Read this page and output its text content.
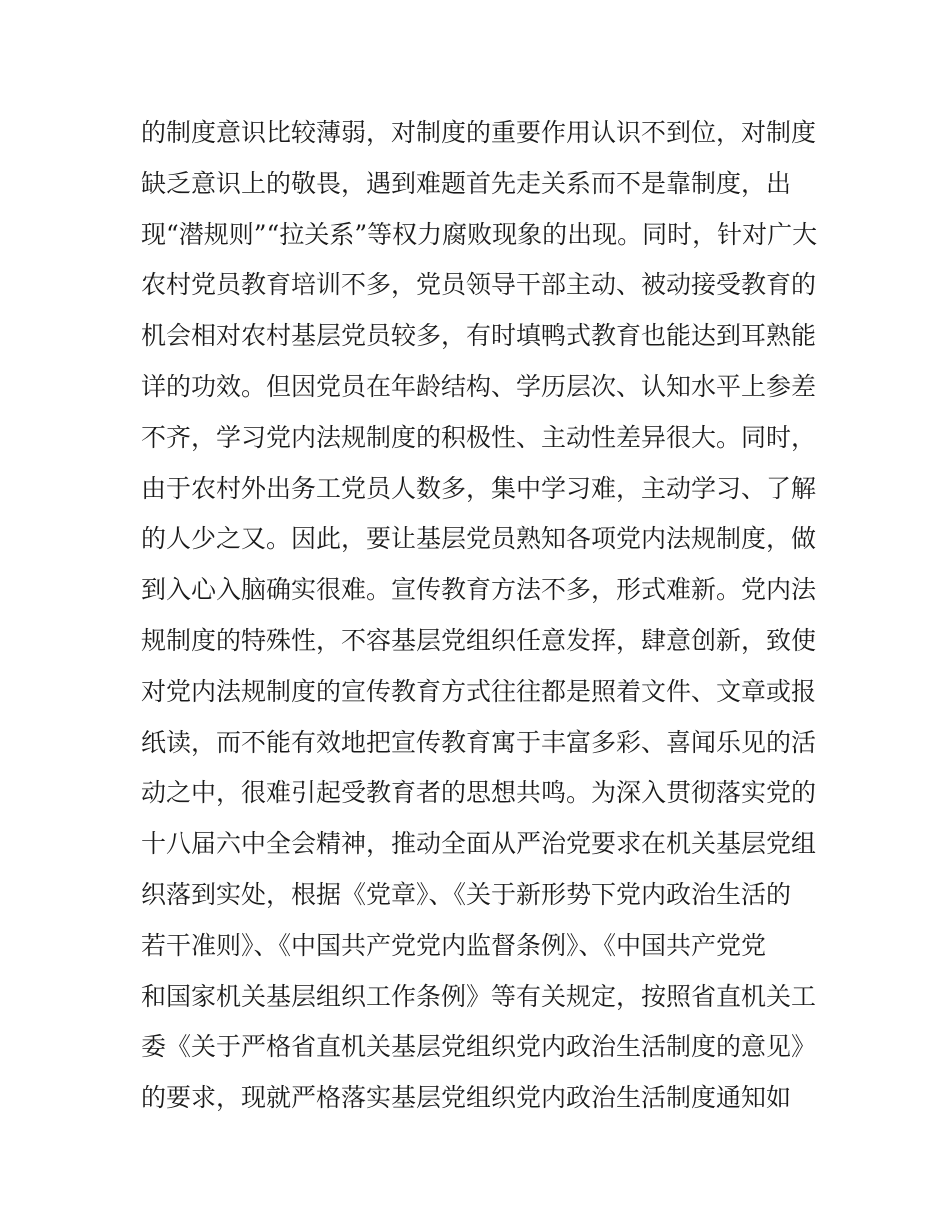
的制度意识比较薄弱，对制度的重要作用认识不到位，对制度
缺乏意识上的敬畏，遇到难题首先走关系而不是靠制度，出
现“潜规则”“拉关系”等权力腐败现象的出现。同时，针对广大
农村党员教育培训不多，党员领导干部主动、被动接受教育的
机会相对农村基层党员较多，有时填鸭式教育也能达到耳熟能
详的功效。但因党员在年龄结构、学历层次、认知水平上参差
不齐，学习党内法规制度的积极性、主动性差异很大。同时，
由于农村外出务工党员人数多，集中学习难，主动学习、了解
的人少之又。因此，要让基层党员熟知各项党内法规制度，做
到入心入脑确实很难。宣传教育方法不多，形式难新。党内法
规制度的特殊性，不容基层党组织任意发挥，肆意创新，致使
对党内法规制度的宣传教育方式往往都是照着文件、文章或报
纸读，而不能有效地把宣传教育寓于丰富多彩、喜闻乐见的活
动之中，很难引起受教育者的思想共鸣。为深入贯彻落实党的
十八届六中全会精神，推动全面从严治党要求在机关基层党组
织落到实处，根据《党章》、《关于新形势下党内政治生活的
若干准则》、《中国共产党党内监督条例》、《中国共产党党
和国家机关基层组织工作条例》等有关规定，按照省直机关工
委《关于严格省直机关基层党组织党内政治生活制度的意见》
的要求，现就严格落实基层党组织党内政治生活制度通知如
